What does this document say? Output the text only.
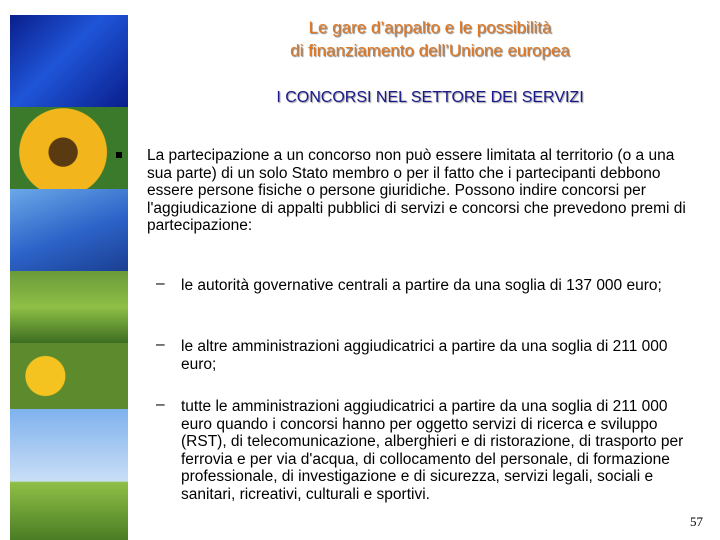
Le gare d’appalto e le possibilità
di finanziamento dell’Unione europea
I CONCORSI NEL SETTORE DEI SERVIZI
La partecipazione a un concorso non può essere limitata al territorio (o a una sua parte) di un solo Stato membro o per il fatto che i partecipanti debbono essere persone fisiche o persone giuridiche. Possono indire concorsi per l'aggiudicazione di appalti pubblici di servizi e concorsi che prevedono premi di partecipazione:
– le autorità governative centrali a partire da una soglia di 137 000 euro;
– le altre amministrazioni aggiudicatrici a partire da una soglia di 211 000 euro;
– tutte le amministrazioni aggiudicatrici a partire da una soglia di 211 000 euro quando i concorsi hanno per oggetto servizi di ricerca e sviluppo (RST), di telecomunicazione, alberghieri e di ristorazione, di trasporto per ferrovia e per via d'acqua, di collocamento del personale, di formazione professionale, di investigazione e di sicurezza, servizi legali, sociali e sanitari, ricreativi, culturali e sportivi.
57
